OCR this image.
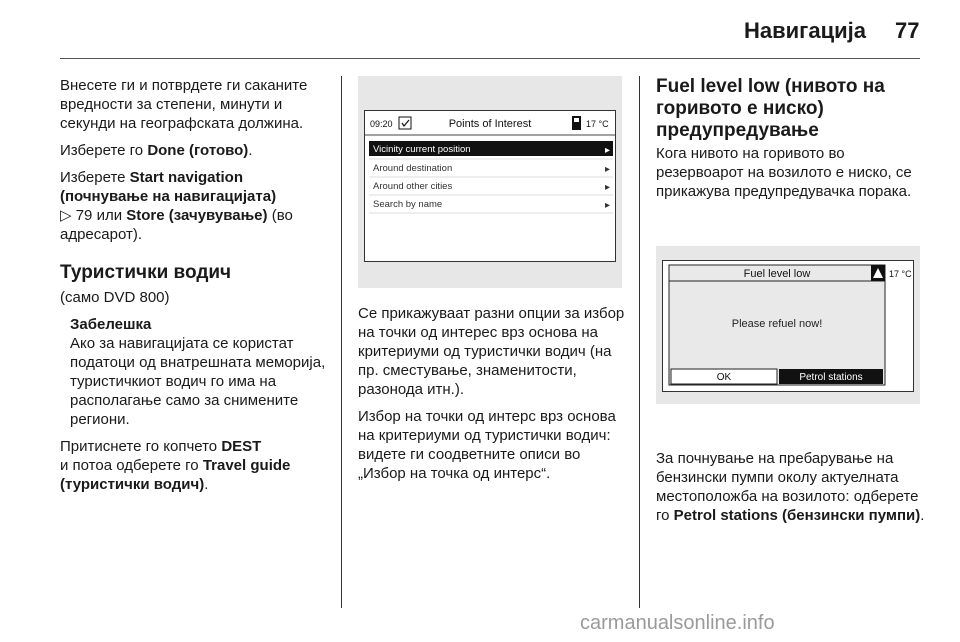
Навигација 77

Внесете ги и потврдете ги саканите вредности за степени, минути и секунди на географската должина.

Изберете го Done (готово).

Изберете Start navigation (почнување на навигацијата)
▷ 79 или Store (зачувување) (во адресарот).

Туристички водич

(само DVD 800)

Забелешка

Ако за навигацијата се користат податоци од внатрешната меморија, туристичкиот водич го има на располагање само за снимените региони.

Притиснете го копчето DEST
и потоа одберете го Travel guide (туристички водич).

09:20	Points of Interest	17 °C
Vicinity current position	▸
Around destination	▸
Around other cities	▸
Search by name	▸

Се прикажуваат разни опции за избор на точки од интерес врз основа на критериуми од туристички водич (на пр. сместување, знаменитости, разонода итн.).

Избор на точки од интерс врз основа на критериуми од туристички водич: видете ги соодветните описи во „Избор на точка од интерс“.

Fuel level low (нивото на горивото е ниско) предупредување

Кога нивото на горивото во резервоарот на возилото е ниско, се прикажува предупредувачка порака.

Fuel level low	17 °C
Please refuel now!
OK	Petrol stations

За почнување на пребарување на бензински пумпи околу актуелната местоположба на возилото: одберете го Petrol stations (бензински пумпи).

carmanualsonline.info
